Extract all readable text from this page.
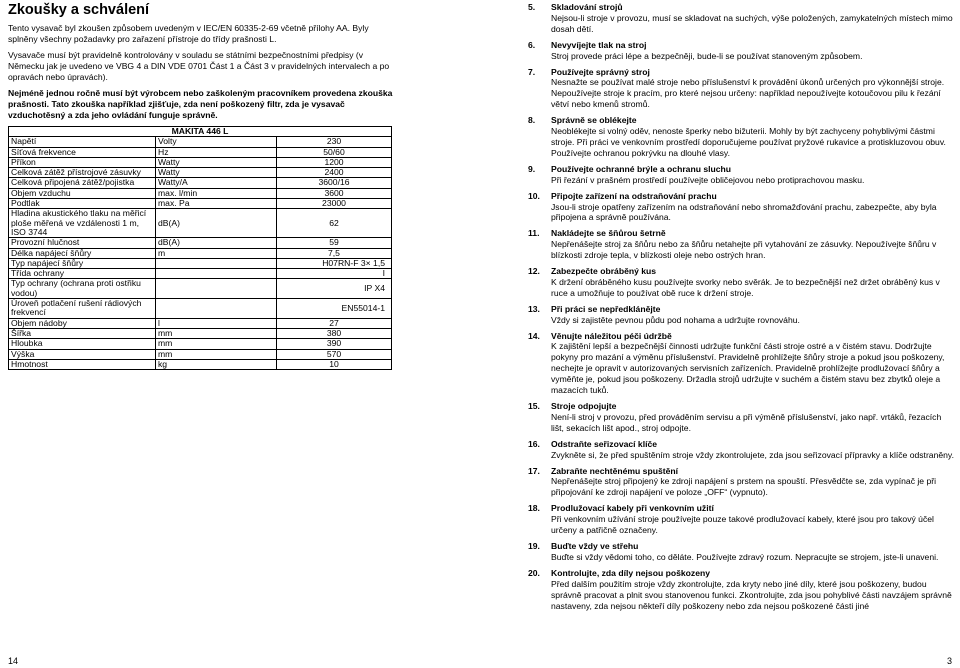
Zkoušky a schválení
Tento vysavač byl zkoušen způsobem uvedeným v IEC/EN 60335-2-69 včetně přílohy AA. Byly splněny všechny požadavky pro zařazení přístroje do třídy prašnosti L.
Vysavače musí být pravidelně kontrolovány v souladu se státními bezpečnostními předpisy (v Německu jak je uvedeno ve VBG 4 a DIN VDE 0701 Část 1 a Část 3 v pravidelných intervalech a po opravách nebo úpravách).
Nejméně jednou ročně musí být výrobcem nebo zaškoleným pracovníkem provedena zkouška prašnosti. Tato zkouška například zjišťuje, zda není poškozený filtr, zda je vysavač vzduchotěsný a zda jeho ovládání funguje správně.
MAKITA 446 L		
Napětí	Volty	230
Síťová frekvence	Hz	50/60
Příkon	Watty	1200
Celková zátěž přístrojové zásuvky	Watty	2400
Celková připojená zátěž/pojistka	Watty/A	3600/16
Objem vzduchu	max. l/min	3600
Podtlak	max. Pa	23000
Hladina akustického tlaku na měřicí ploše měřená ve vzdálenosti 1 m, ISO 3744	dB(A)	62
Provozní hlučnost	dB(A)	59
Délka napájecí šňůry	m	7,5
Typ napájecí šňůry		H07RN-F 3× 1,5
Třída ochrany		I
Typ ochrany (ochrana proti ostřiku vodou)		IP X4
Úroveň potlačení rušení rádiových frekvencí		EN55014-1
Objem nádoby	l	27
Šířka	mm	380
Hloubka	mm	390
Výška	mm	570
Hmotnost	kg	10
5.	Skladování strojů
Nejsou-li stroje v provozu, musí se skladovat na suchých, výše položených, zamykatelných místech mimo dosah dětí.
6.	Nevyvíjejte tlak na stroj
Stroj provede práci lépe a bezpečněji, bude-li se používat stanoveným způsobem.
7.	Používejte správný stroj
Nesnažte se používat malé stroje nebo příslušenství k provádění úkonů určených pro výkonnější stroje. Nepoužívejte stroje k pracím, pro které nejsou určeny: například nepoužívejte kotoučovou pilu k řezání větví nebo kmenů stromů.
8.	Správně se oblékejte
Neoblékejte si volný oděv, nenoste šperky nebo bižuterii. Mohly by být zachyceny pohyblivými částmi stroje. Při práci ve venkovním prostředí doporučujeme používat pryžové rukavice a protiskluzovou obuv. Používejte ochranou pokrývku na dlouhé vlasy.
9.	Používejte ochranné brýle a ochranu sluchu
Při řezání v prašném prostředí používejte obličejovou nebo protiprachovou masku.
10.	Připojte zařízení na odstraňování prachu
Jsou-li stroje opatřeny zařízením na odstraňování nebo shromažďování prachu, zabezpečte, aby byla připojena a správně používána.
11.	Nakládejte se šňůrou šetrně
Nepřenášejte stroj za šňůru nebo za šňůru netahejte při vytahování ze zásuvky. Nepoužívejte šňůru v blízkosti zdroje tepla, v blízkosti oleje nebo ostrých hran.
12.	Zabezpečte obráběný kus
K držení obráběného kusu používejte svorky nebo svěrák. Je to bezpečnější než držet obráběný kus v ruce a umožňuje to používat obě ruce k držení stroje.
13.	Při práci se nepředklánějte
Vždy si zajistěte pevnou půdu pod nohama a udržujte rovnováhu.
14.	Věnujte náležitou péči údržbě
K zajištění lepší a bezpečnější činnosti udržujte funkční části stroje ostré a v čistém stavu. Dodržujte pokyny pro mazání a výměnu příslušenství. Pravidelně prohlížejte šňůry stroje a pokud jsou poškozeny, nechejte je opravit v autorizovaných servisních zařízeních. Pravidelně prohlížejte prodlužovací šňůry a vyměňte je, pokud jsou poškozeny. Držadla strojů udržujte v suchém a čistém stavu bez zbytků oleje a mazacích tuků.
15.	Stroje odpojujte
Není-li stroj v provozu, před prováděním servisu a při výměně příslušenství, jako např. vrtáků, řezacích lišt, sekacích lišt apod., stroj odpojte.
16.	Odstraňte seřizovací klíče
Zvykněte si, že před spuštěním stroje vždy zkontrolujete, zda jsou seřizovací přípravky a klíče odstraněny.
17.	Zabraňte nechtěnému spuštění
Nepřenášejte stroj připojený ke zdroji napájení s prstem na spouští. Přesvědčte se, zda vypínač je při připojování ke zdroji napájení ve poloze „OFF“ (vypnuto).
18.	Prodlužovací kabely při venkovním užití
Při venkovním užívání stroje používejte pouze takové prodlužovací kabely, které jsou pro takový účel určeny a patřičně označeny.
19.	Buďte vždy ve střehu
Buďte si vždy vědomi toho, co děláte. Používejte zdravý rozum. Nepracujte se strojem, jste-li unaveni.
20.	Kontrolujte, zda díly nejsou poškozeny
Před dalším použitím stroje vždy zkontrolujte, zda kryty nebo jiné díly, které jsou poškozeny, budou správně pracovat a plnit svou stanovenou funkci. Zkontrolujte, zda jsou pohyblivé části navzájem správně nastaveny, zda nejsou někteří díly poškozeny nebo zda nejsou poškozené části jiné
14	3
